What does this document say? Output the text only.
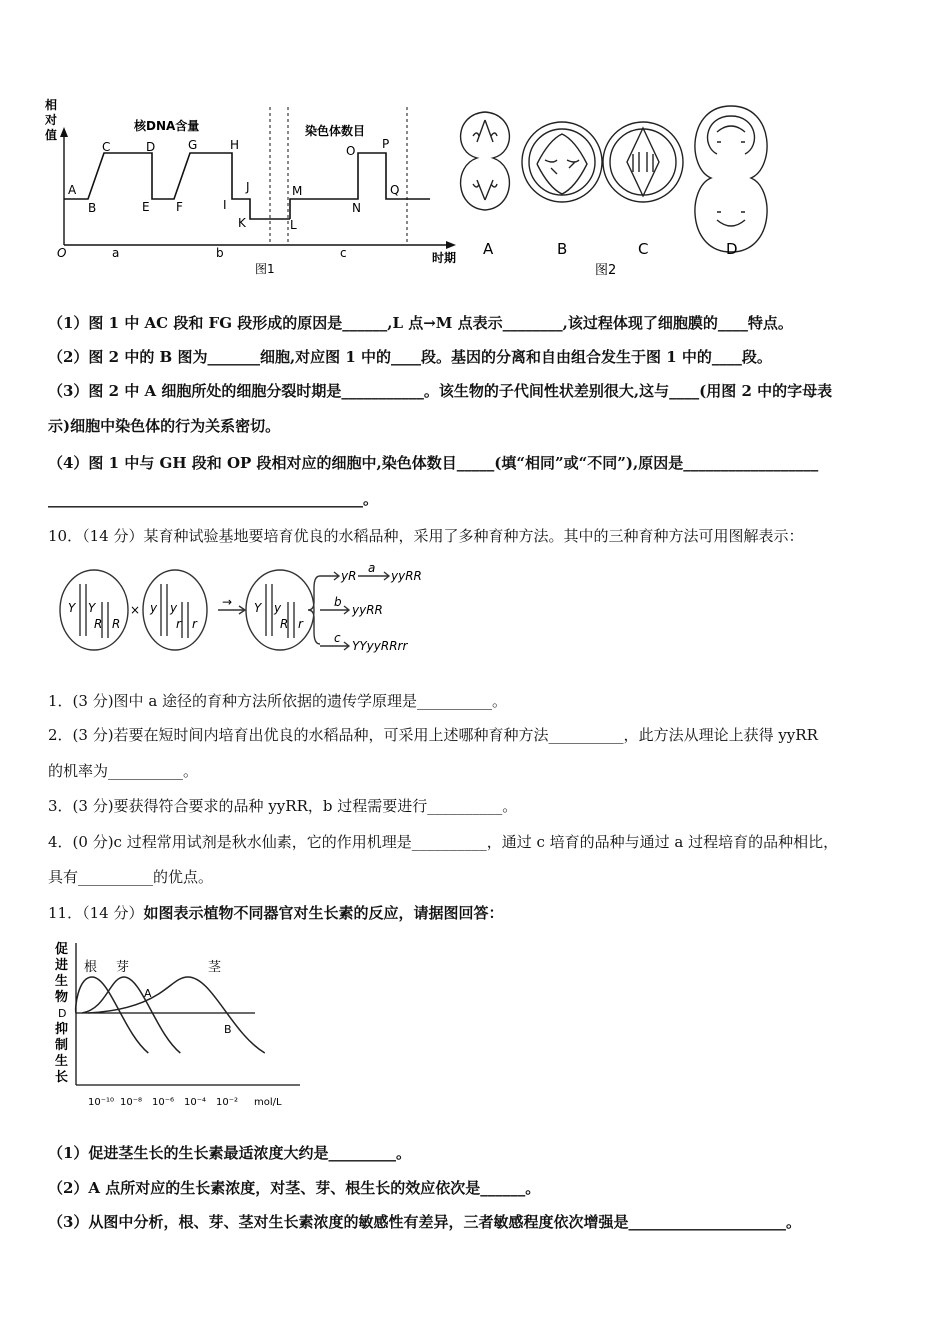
相
对
值
O	时期
核DNA含量	染色体数目
A
B
C	D
E F
G	H
I
J
K	L
M
N
O P
Q
a	b	c
图1
A	B	C	D
图2
（1）图 1 中 AC 段和 FG 段形成的原因是______,L 点→M 点表示________,该过程体现了细胞膜的____特点。
（2）图 2 中的 B 图为_______细胞,对应图 1 中的____段。基因的分离和自由组合发生于图 1 中的____段。
（3）图 2 中 A 细胞所处的细胞分裂时期是___________。该生物的子代间性状差别很大,这与____(用图 2 中的字母表
示)细胞中染色体的行为关系密切。
（4）图 1 中与 GH 段和 OP 段相对应的细胞中,染色体数目_____(填“相同”或“不同”),原因是__________________
__________________________________________。
10．（14 分）某育种试验基地要培育优良的水稻品种，采用了多种育种方法。其中的三种育种方法可用图解表示：
Y Y
R R
× y y
r r
→ Y y
R r
yR
a
yyRR
b
yyRR
c
YYyyRRrr
1．(3 分)图中 a 途径的育种方法所依据的遗传学原理是__________。
2．(3 分)若要在短时间内培育出优良的水稻品种，可采用上述哪种育种方法__________，此方法从理论上获得 yyRR
的机率为__________。
3．(3 分)要获得符合要求的品种 yyRR，b 过程需要进行__________。
4．(0 分)c 过程常用试剂是秋水仙素，它的作用机理是__________，通过 c 培育的品种与通过 a 过程培育的品种相比，
具有__________的优点。
11．（14 分）如图表示植物不同器官对生长素的反应，请据图回答：
促
进
生
物
D
抑
制
生
长
根 芽	茎
A
B
10⁻¹⁰ 10⁻⁸ 10⁻⁶ 10⁻⁴ 10⁻² mol/L
（1）促进茎生长的生长素最适浓度大约是_________。
（2）A 点所对应的生长素浓度，对茎、芽、根生长的效应依次是______。
（3）从图中分析，根、芽、茎对生长素浓度的敏感性有差异，三者敏感程度依次增强是_____________________。
